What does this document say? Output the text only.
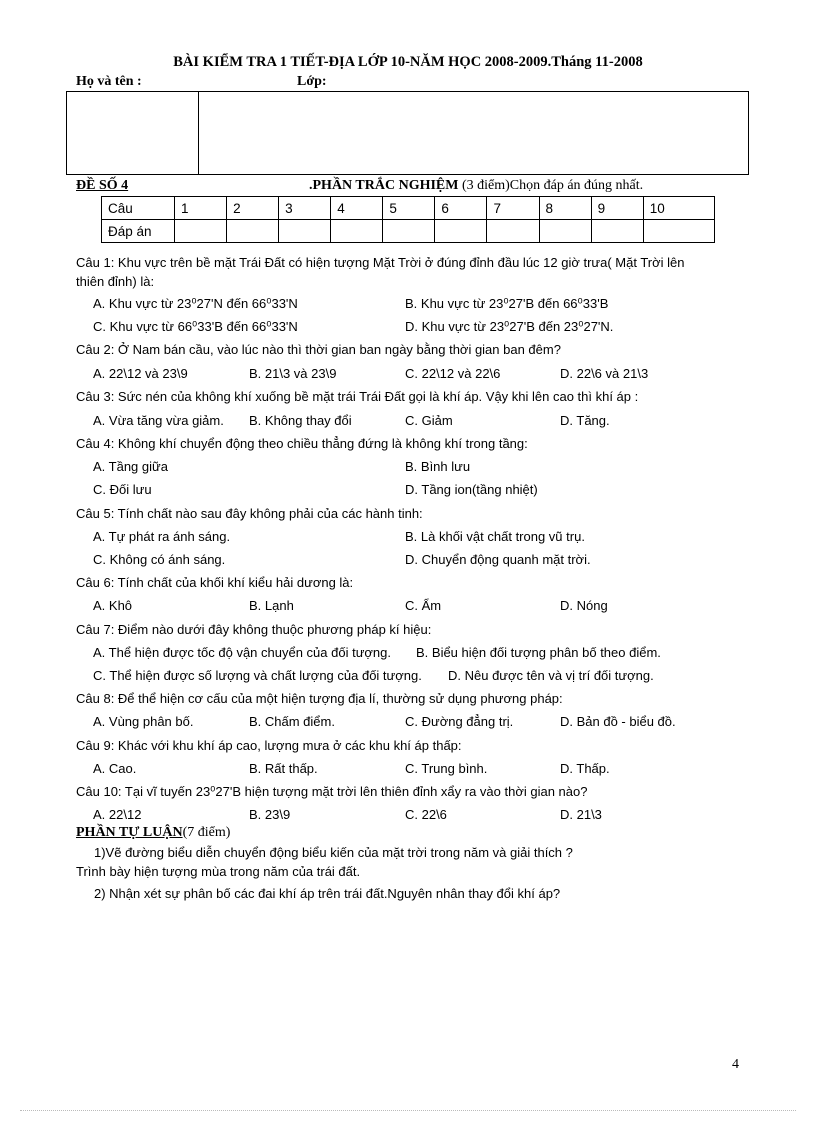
BÀI KIỂM TRA 1 TIẾT-ĐỊA LỚP 10-NĂM HỌC 2008-2009.Tháng 11-2008
Họ và tên :	Lớp:
ĐỀ SỐ 4	.PHẦN TRẮC NGHIỆM (3 điểm)Chọn đáp án đúng nhất.
Câu	1	2	3	4	5	6	7	8	9	10
Đáp án										
Câu 1: Khu vực trên bề mặt Trái Đất có hiện tượng Mặt Trời ở đúng đỉnh đầu lúc 12 giờ trưa( Mặt Trời lên
thiên đỉnh) là:
A. Khu vực từ 23⁰27'N đến 66⁰33'N	B. Khu vực từ 23⁰27'B đến 66⁰33'B
C. Khu vực từ 66⁰33'B đến 66⁰33'N	D. Khu vực từ 23⁰27'B đến 23⁰27'N.
Câu 2: Ở Nam bán cầu, vào lúc nào thì thời gian ban ngày bằng thời gian ban đêm?
A. 22\12 và 23\9	B. 21\3 và 23\9	C. 22\12 và 22\6	D. 22\6 và 21\3
Câu 3: Sức nén của không khí xuống bề mặt trái Trái Đất gọi là khí áp. Vậy khi lên cao thì khí áp :
A. Vừa tăng vừa giảm. B. Không thay đổi	C. Giảm	D. Tăng.
Câu 4: Không khí chuyển động theo chiều thẳng đứng là không khí trong tầng:
A. Tầng giữa	B. Bình lưu
C. Đối lưu	D. Tầng ion(tầng nhiệt)
Câu 5: Tính chất nào sau đây không phải của các hành tinh:
A. Tự phát ra ánh sáng.	B. Là khối vật chất trong vũ trụ.
C. Không có ánh sáng.	D. Chuyển động quanh mặt trời.
Câu 6: Tính chất của khối khí kiểu hải dương là:
A. Khô	B. Lạnh	C. Ẩm	D. Nóng
Câu 7: Điểm nào dưới đây không thuộc phương pháp kí hiệu:
A. Thể hiện được tốc độ vận chuyển của đối tượng. B. Biểu hiện đối tượng phân bố theo điểm.
C. Thể hiện được số lượng và chất lượng của đối tượng. D. Nêu được tên và vị trí đối tượng.
Câu 8: Để thể hiện cơ cấu của một hiện tượng địa lí, thường sử dụng phương pháp:
A. Vùng phân bố.	B. Chấm điểm.	C. Đường đẳng trị.	D. Bản đồ - biểu đồ.
Câu 9: Khác với khu khí áp cao, lượng mưa ở các khu khí áp thấp:
A. Cao.	B. Rất thấp.	C. Trung bình.	D. Thấp.
Câu 10: Tại vĩ tuyến 23⁰27'B hiện tượng mặt trời lên thiên đỉnh xẩy ra vào thời gian nào?
A. 22\12	B. 23\9	C. 22\6	D. 21\3
PHẦN TỰ LUẬN(7 điểm)
1)Vẽ đường biểu diễn chuyển động biểu kiến của mặt trời trong năm và giải thích ?
Trình bày hiện tượng mùa trong năm của trái đất.
2) Nhận xét sự phân bố các đai khí áp trên trái đất.Nguyên nhân thay đổi khí áp?
4
